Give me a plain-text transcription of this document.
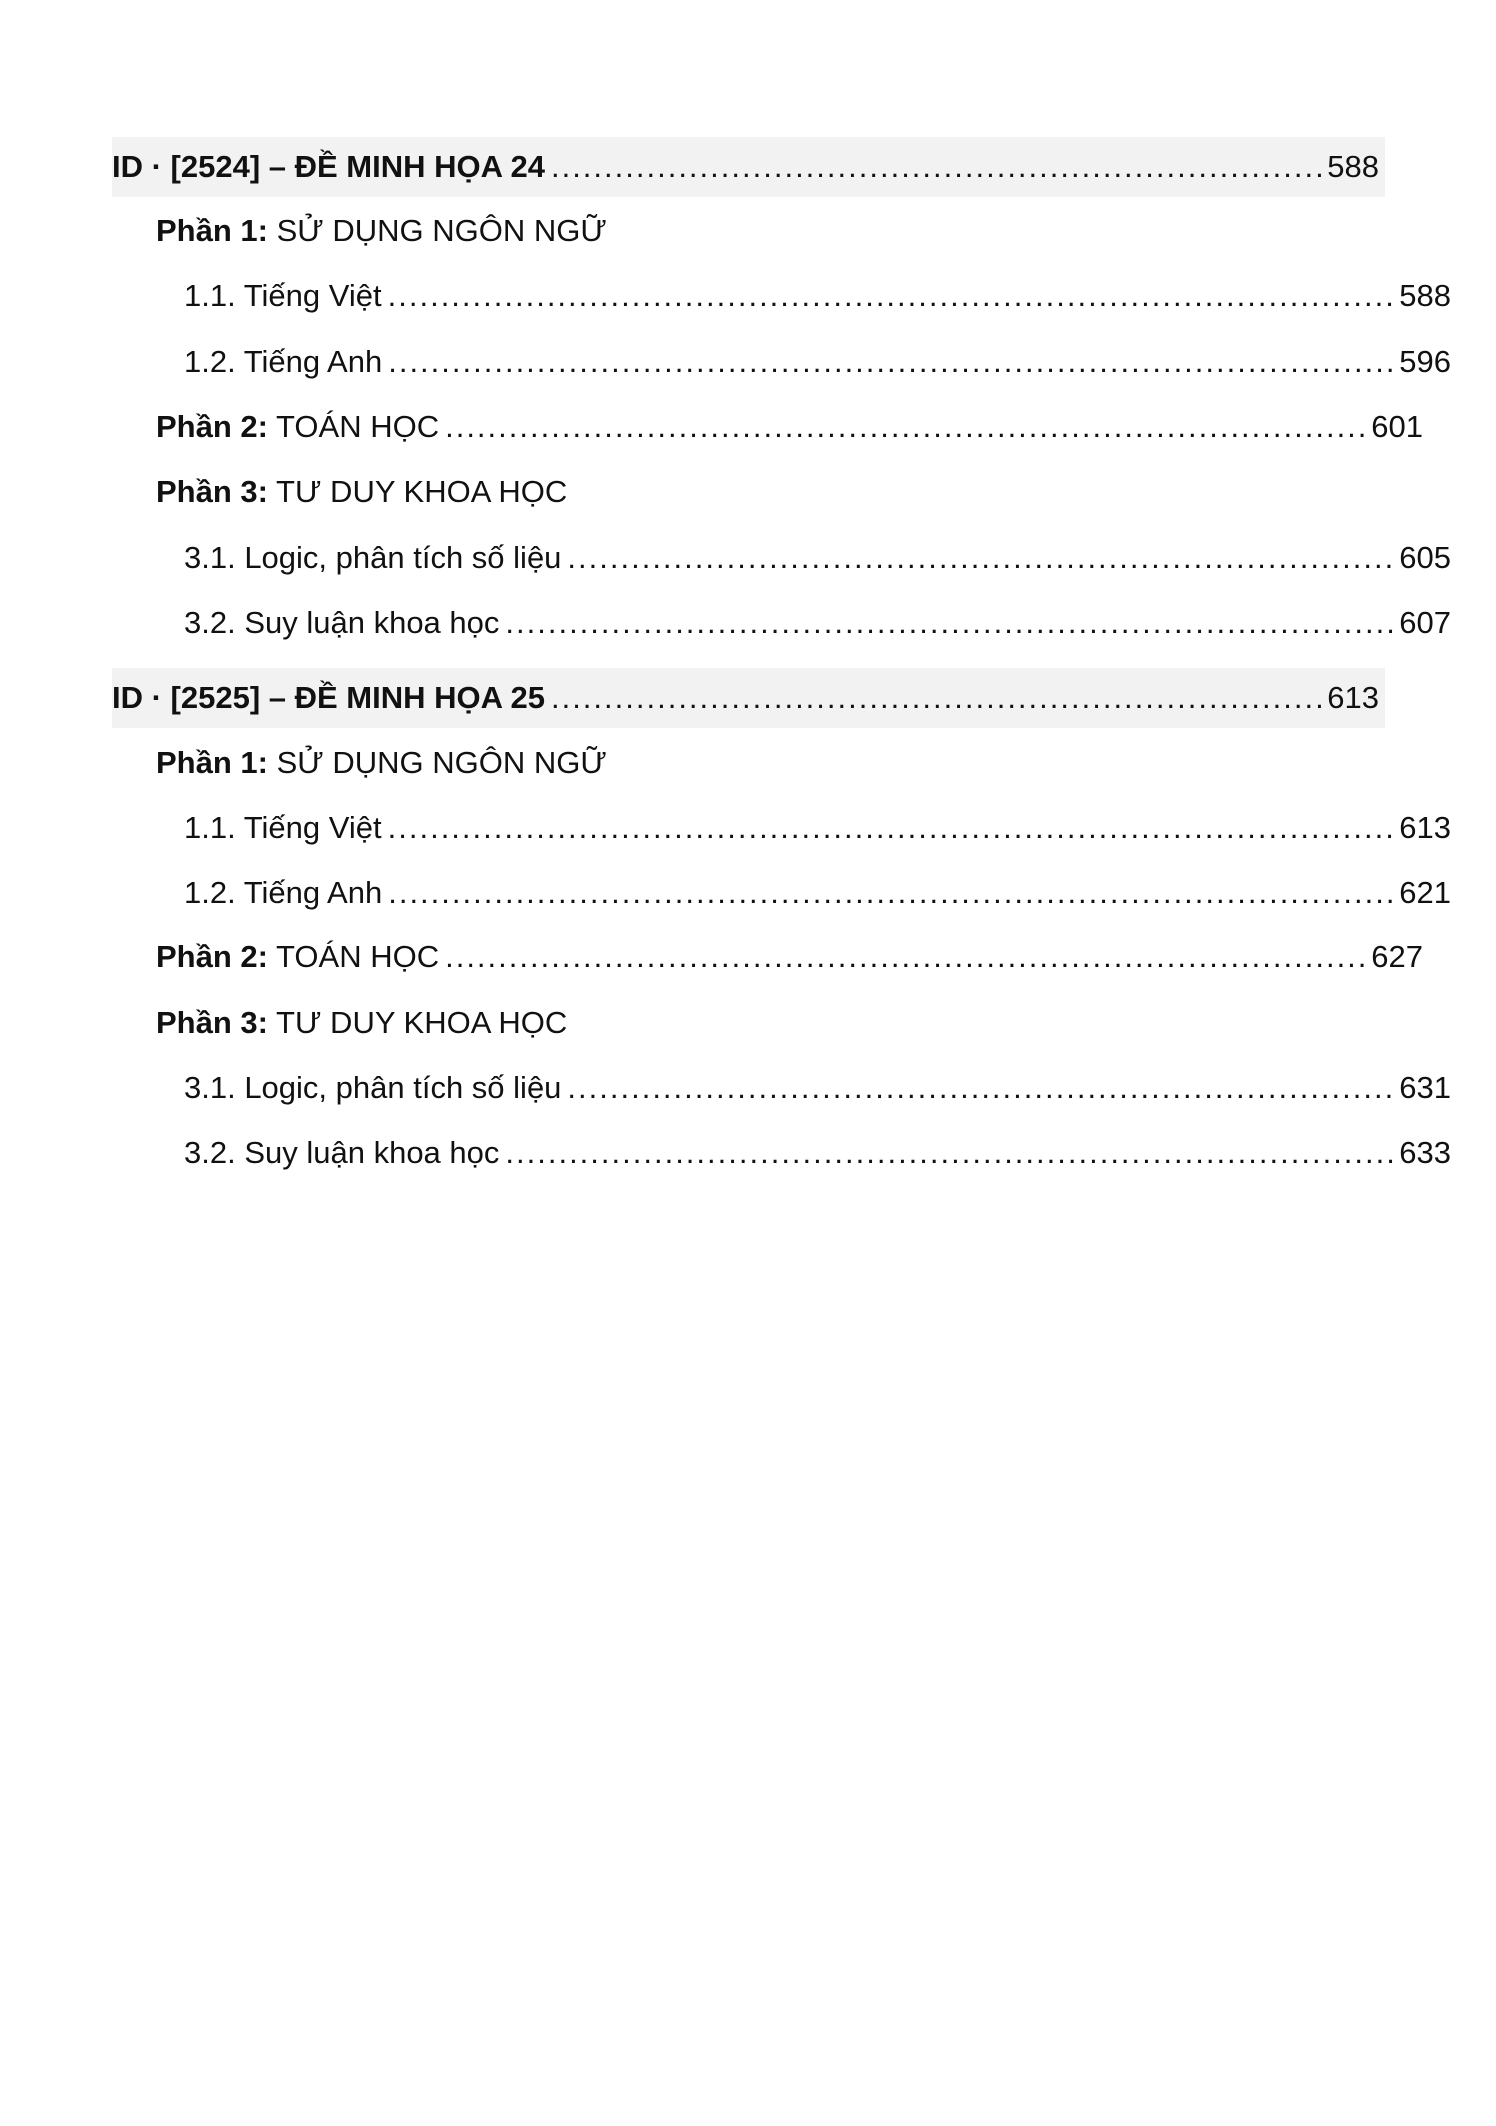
ID · [2524] – ĐỀ MINH HỌA 24 .....	588
Phần 1: SỬ DỤNG NGÔN NGỮ
1.1. Tiếng Việt .....	588
1.2. Tiếng Anh .....	596
Phần 2: TOÁN HỌC .....	601
Phần 3: TƯ DUY KHOA HỌC
3.1. Logic, phân tích số liệu .....	605
3.2. Suy luận khoa học .....	607
ID · [2525] – ĐỀ MINH HỌA 25 .....	613
Phần 1: SỬ DỤNG NGÔN NGỮ
1.1. Tiếng Việt .....	613
1.2. Tiếng Anh .....	621
Phần 2: TOÁN HỌC .....	627
Phần 3: TƯ DUY KHOA HỌC
3.1. Logic, phân tích số liệu .....	631
3.2. Suy luận khoa học .....	633
